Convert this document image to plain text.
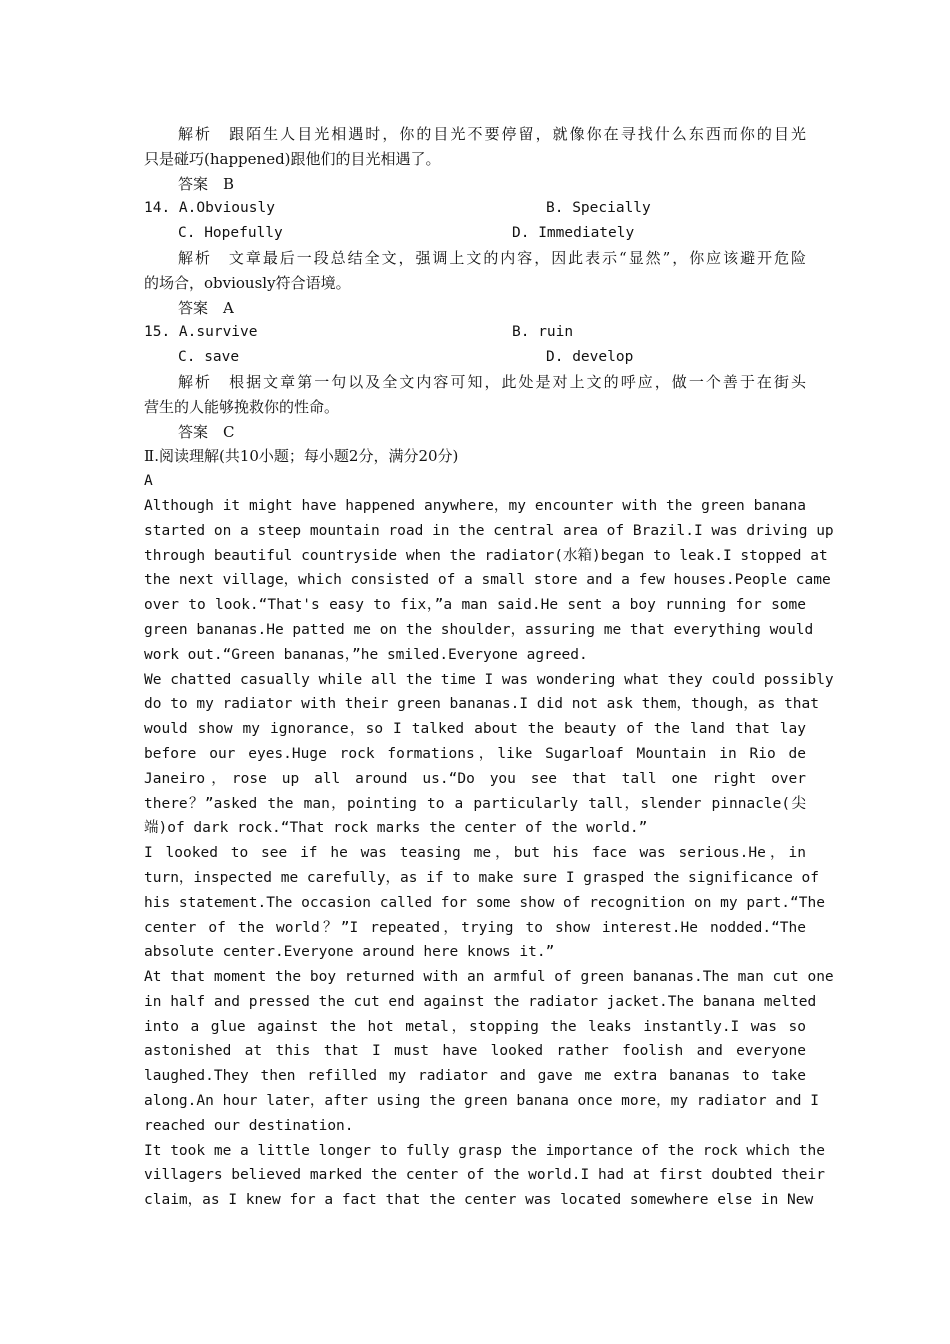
解析　跟陌生人目光相遇时，你的目光不要停留，就像你在寻找什么东西而你的目光
只是碰巧(happened)跟他们的目光相遇了。
答案　B
14. A.Obviously	B. Specially
C. Hopefully	D. Immediately
解析　文章最后一段总结全文，强调上文的内容，因此表示“显然”，你应该避开危险
的场合，obviously符合语境。
答案　A
15. A.survive	B. ruin
C. save	D. develop
解析　根据文章第一句以及全文内容可知，此处是对上文的呼应，做一个善于在街头
营生的人能够挽救你的性命。
答案　C
Ⅱ.阅读理解(共10小题；每小题2分，满分20分)
A
Although it might have happened anywhere，my encounter with the green banana
started on a steep mountain road in the central area of Brazil.I was driving up
through beautiful countryside when the radiator(水箱)began to leak.I stopped at
the next village，which consisted of a small store and a few houses.People came
over to look.“That's easy to fix，”a man said.He sent a boy running for some
green bananas.He patted me on the shoulder，assuring me that everything would
work out.“Green bananas，”he smiled.Everyone agreed.
We chatted casually while all the time I was wondering what they could possibly
do to my radiator with their green bananas.I did not ask them，though，as that
would show my ignorance，so I talked about the beauty of the land that lay
before our eyes.Huge rock formations，like Sugarloaf Mountain in Rio de
Janeiro，rose up all around us.“Do you see that tall one right over
there？”asked the man，pointing to a particularly tall，slender pinnacle(尖
端)of dark rock.“That rock marks the center of the world.”
I looked to see if he was teasing me，but his face was serious.He，in
turn，inspected me carefully，as if to make sure I grasped the significance of
his statement.The occasion called for some show of recognition on my part.“The
center of the world？”I repeated，trying to show interest.He nodded.“The
absolute center.Everyone around here knows it.”
At that moment the boy returned with an armful of green bananas.The man cut one
in half and pressed the cut end against the radiator jacket.The banana melted
into a glue against the hot metal，stopping the leaks instantly.I was so
astonished at this that I must have looked rather foolish and everyone
laughed.They then refilled my radiator and gave me extra bananas to take
along.An hour later，after using the green banana once more，my radiator and I
reached our destination.
It took me a little longer to fully grasp the importance of the rock which the
villagers believed marked the center of the world.I had at first doubted their
claim，as I knew for a fact that the center was located somewhere else in New
